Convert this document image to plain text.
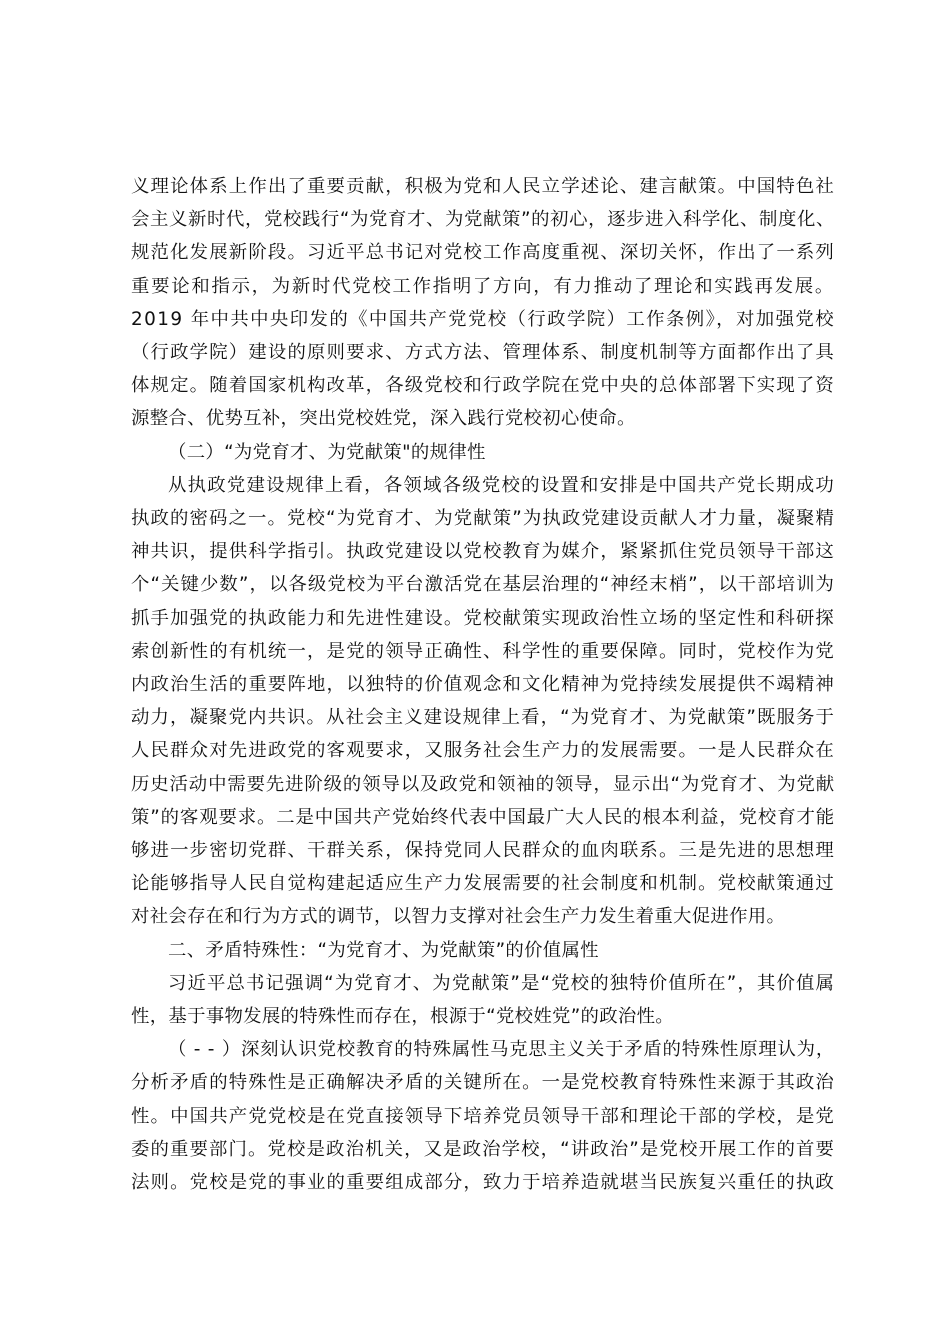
义理论体系上作出了重要贡献，积极为党和人民立学述论、建言献策。中国特色社
会主义新时代，党校践行“为党育才、为党献策”的初心，逐步进入科学化、制度化、
规范化发展新阶段。习近平总书记对党校工作高度重视、深切关怀，作出了一系列
重要论和指示，为新时代党校工作指明了方向，有力推动了理论和实践再发展。
2019 年中共中央印发的《中国共产党党校（行政学院）工作条例》，对加强党校
（行政学院）建设的原则要求、方式方法、管理体系、制度机制等方面都作出了具
体规定。随着国家机构改革，各级党校和行政学院在党中央的总体部署下实现了资
源整合、优势互补，突出党校姓党，深入践行党校初心使命。

（二）“为党育才、为党献策"的规律性

从执政党建设规律上看，各领域各级党校的设置和安排是中国共产党长期成功
执政的密码之一。党校“为党育才、为党献策”为执政党建设贡献人才力量，凝聚精
神共识，提供科学指引。执政党建设以党校教育为媒介，紧紧抓住党员领导干部这
个“关键少数”，以各级党校为平台激活党在基层治理的“神经末梢”，以干部培训为
抓手加强党的执政能力和先进性建设。党校献策实现政治性立场的坚定性和科研探
索创新性的有机统一，是党的领导正确性、科学性的重要保障。同时，党校作为党
内政治生活的重要阵地，以独特的价值观念和文化精神为党持续发展提供不竭精神
动力，凝聚党内共识。从社会主义建设规律上看，“为党育才、为党献策”既服务于
人民群众对先进政党的客观要求，又服务社会生产力的发展需要。一是人民群众在
历史活动中需要先进阶级的领导以及政党和领袖的领导，显示出“为党育才、为党献
策”的客观要求。二是中国共产党始终代表中国最广大人民的根本利益，党校育才能
够进一步密切党群、干群关系，保持党同人民群众的血肉联系。三是先进的思想理
论能够指导人民自觉构建起适应生产力发展需要的社会制度和机制。党校献策通过
对社会存在和行为方式的调节，以智力支撑对社会生产力发生着重大促进作用。

二、矛盾特殊性：“为党育才、为党献策”的价值属性

习近平总书记强调“为党育才、为党献策”是“党校的独特价值所在”，其价值属
性，基于事物发展的特殊性而存在，根源于“党校姓党”的政治性。

（ - - ）深刻认识党校教育的特殊属性马克思主义关于矛盾的特殊性原理认为，
分析矛盾的特殊性是正确解决矛盾的关键所在。一是党校教育特殊性来源于其政治
性。中国共产党党校是在党直接领导下培养党员领导干部和理论干部的学校，是党
委的重要部门。党校是政治机关，又是政治学校，“讲政治”是党校开展工作的首要
法则。党校是党的事业的重要组成部分，致力于培养造就堪当民族复兴重任的执政
